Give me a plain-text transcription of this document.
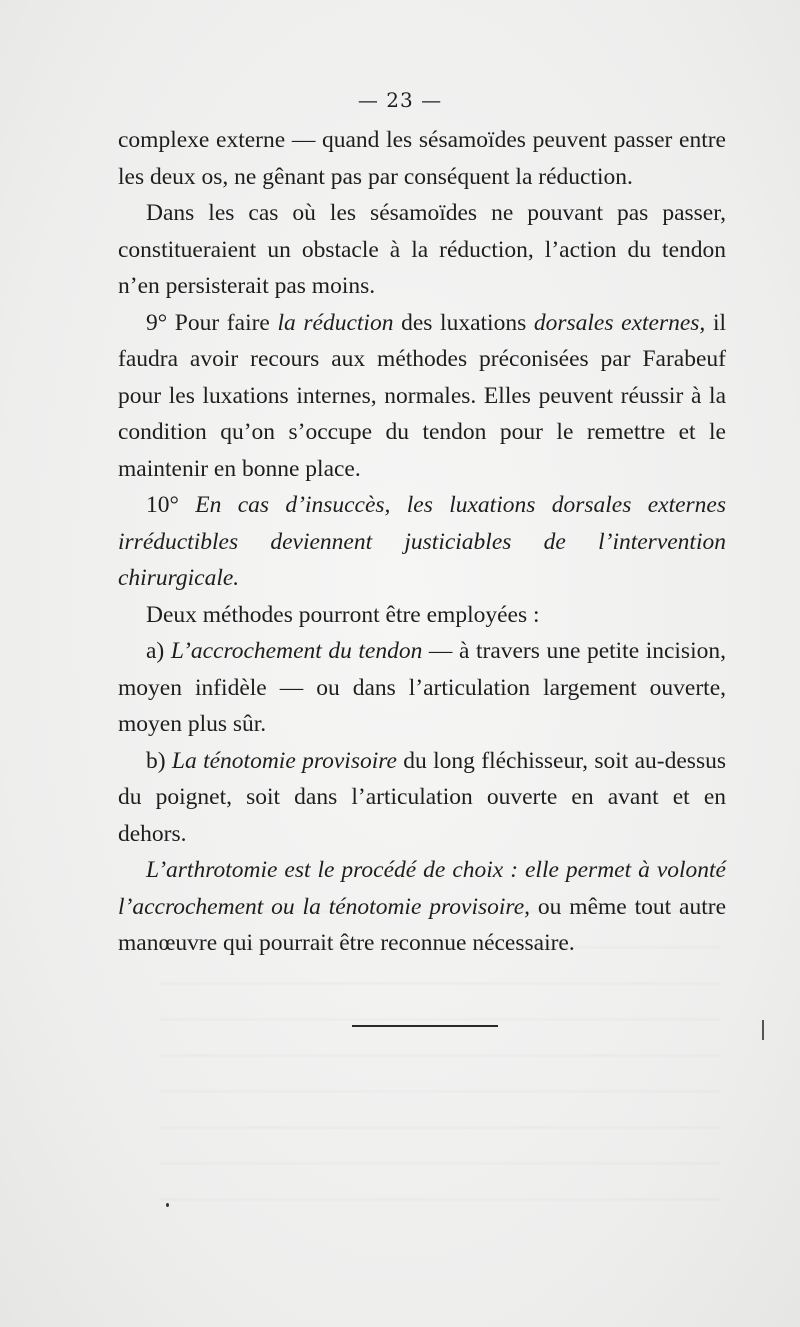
— 23 —

complexe externe — quand les sésamoïdes peuvent passer entre les deux os, ne gênant pas par conséquent la réduction.

Dans les cas où les sésamoïdes ne pouvant pas passer, constitueraient un obstacle à la réduction, l’action du tendon n’en persisterait pas moins.

9° Pour faire la réduction des luxations dorsales externes, il faudra avoir recours aux méthodes préconisées par Farabeuf pour les luxations internes, normales. Elles peuvent réussir à la condition qu’on s’occupe du tendon pour le remettre et le maintenir en bonne place.

10° En cas d’insuccès, les luxations dorsales externes irréductibles deviennent justiciables de l’intervention chirurgicale.

Deux méthodes pourront être employées :

a) L’accrochement du tendon — à travers une petite incision, moyen infidèle — ou dans l’articulation largement ouverte, moyen plus sûr.

b) La ténotomie provisoire du long fléchisseur, soit au-dessus du poignet, soit dans l’articulation ouverte en avant et en dehors.

L’arthrotomie est le procédé de choix : elle permet à volonté l’accrochement ou la ténotomie provisoire, ou même tout autre manœuvre qui pourrait être reconnue nécessaire.
